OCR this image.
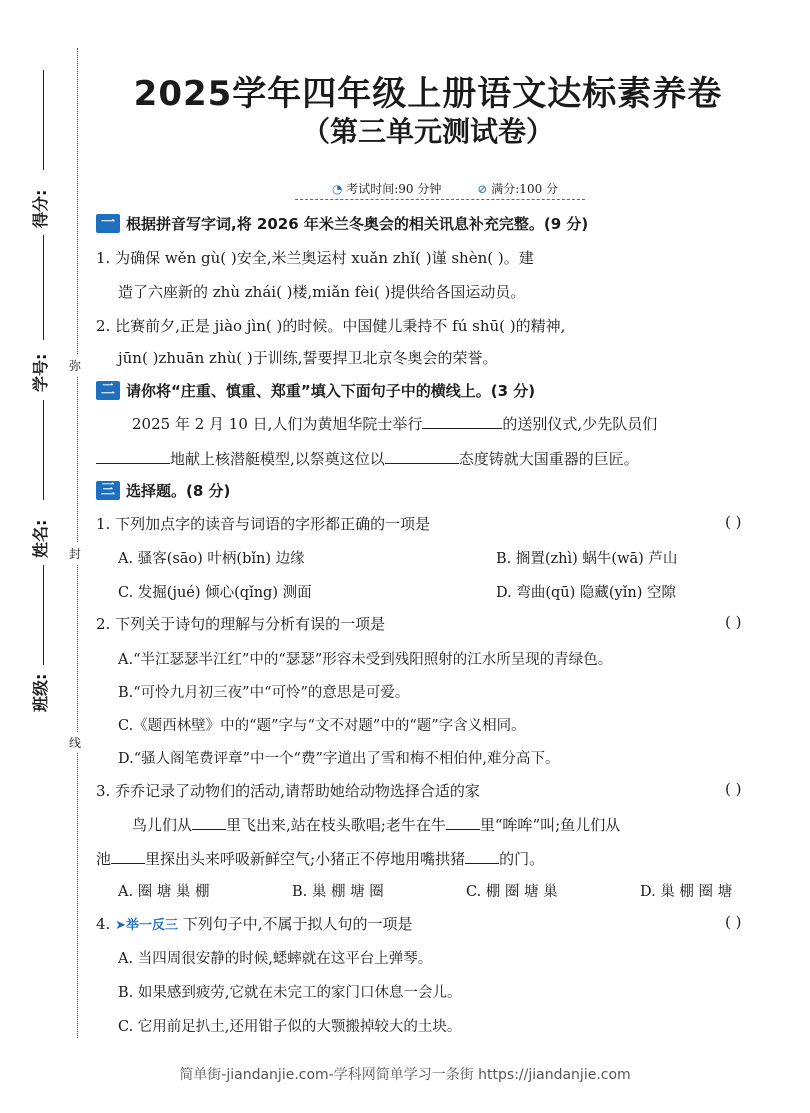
得分:
学号:
姓名:
班级:
弥
封
线
2025学年四年级上册语文达标素养卷
（第三单元测试卷）
◔ 考试时间:90 分钟	⊘ 满分:100 分
一 根据拼音写字词,将 2026 年米兰冬奥会的相关讯息补充完整。(9 分)
1. 为确保 wěn gù( )安全,米兰奥运村 xuǎn zhǐ( )谨 shèn( )。建
造了六座新的 zhù zhái( )楼,miǎn fèi( )提供给各国运动员。
2. 比赛前夕,正是 jiào jìn( )的时候。中国健儿秉持不 fú shū( )的精神,
jūn( )zhuān zhù( )于训练,誓要捍卫北京冬奥会的荣誉。
二 请你将“庄重、慎重、郑重”填入下面句子中的横线上。(3 分)
2025 年 2 月 10 日,人们为黄旭华院士举行	的送别仪式,少先队员们
地献上核潜艇模型,以祭奠这位以	态度铸就大国重器的巨匠。
三 选择题。(8 分)
1. 下列加点字的读音与词语的字形都正确的一项是	( )
A. 骚客(sāo) 叶柄(bǐn) 边缘	B. 搁置(zhì) 蜗牛(wā) 芦山
C. 发掘(jué) 倾心(qǐng) 测面	D. 弯曲(qū) 隐藏(yǐn) 空隙
2. 下列关于诗句的理解与分析有误的一项是	( )
A.“半江瑟瑟半江红”中的“瑟瑟”形容未受到残阳照射的江水所呈现的青绿色。
B.“可怜九月初三夜”中“可怜”的意思是可爱。
C.《题西林壁》中的“题”字与“文不对题”中的“题”字含义相同。
D.“骚人阁笔费评章”中一个“费”字道出了雪和梅不相伯仲,难分高下。
3. 乔乔记录了动物们的活动,请帮助她给动物选择合适的家	( )
鸟儿们从 里飞出来,站在枝头歌唱;老牛在牛 里“哞哞”叫;鱼儿们从
池 里探出头来呼吸新鲜空气;小猪正不停地用嘴拱猪 的门。
A. 圈 塘 巢 棚	B. 巢 棚 塘 圈	C. 棚 圈 塘 巢	D. 巢 棚 圈 塘
4. ➤举一反三 下列句子中,不属于拟人句的一项是	( )
A. 当四周很安静的时候,蟋蟀就在这平台上弹琴。
B. 如果感到疲劳,它就在未完工的家门口休息一会儿。
C. 它用前足扒土,还用钳子似的大颚搬掉较大的土块。
简单街-jiandanjie.com-学科网简单学习一条街 https://jiandanjie.com
